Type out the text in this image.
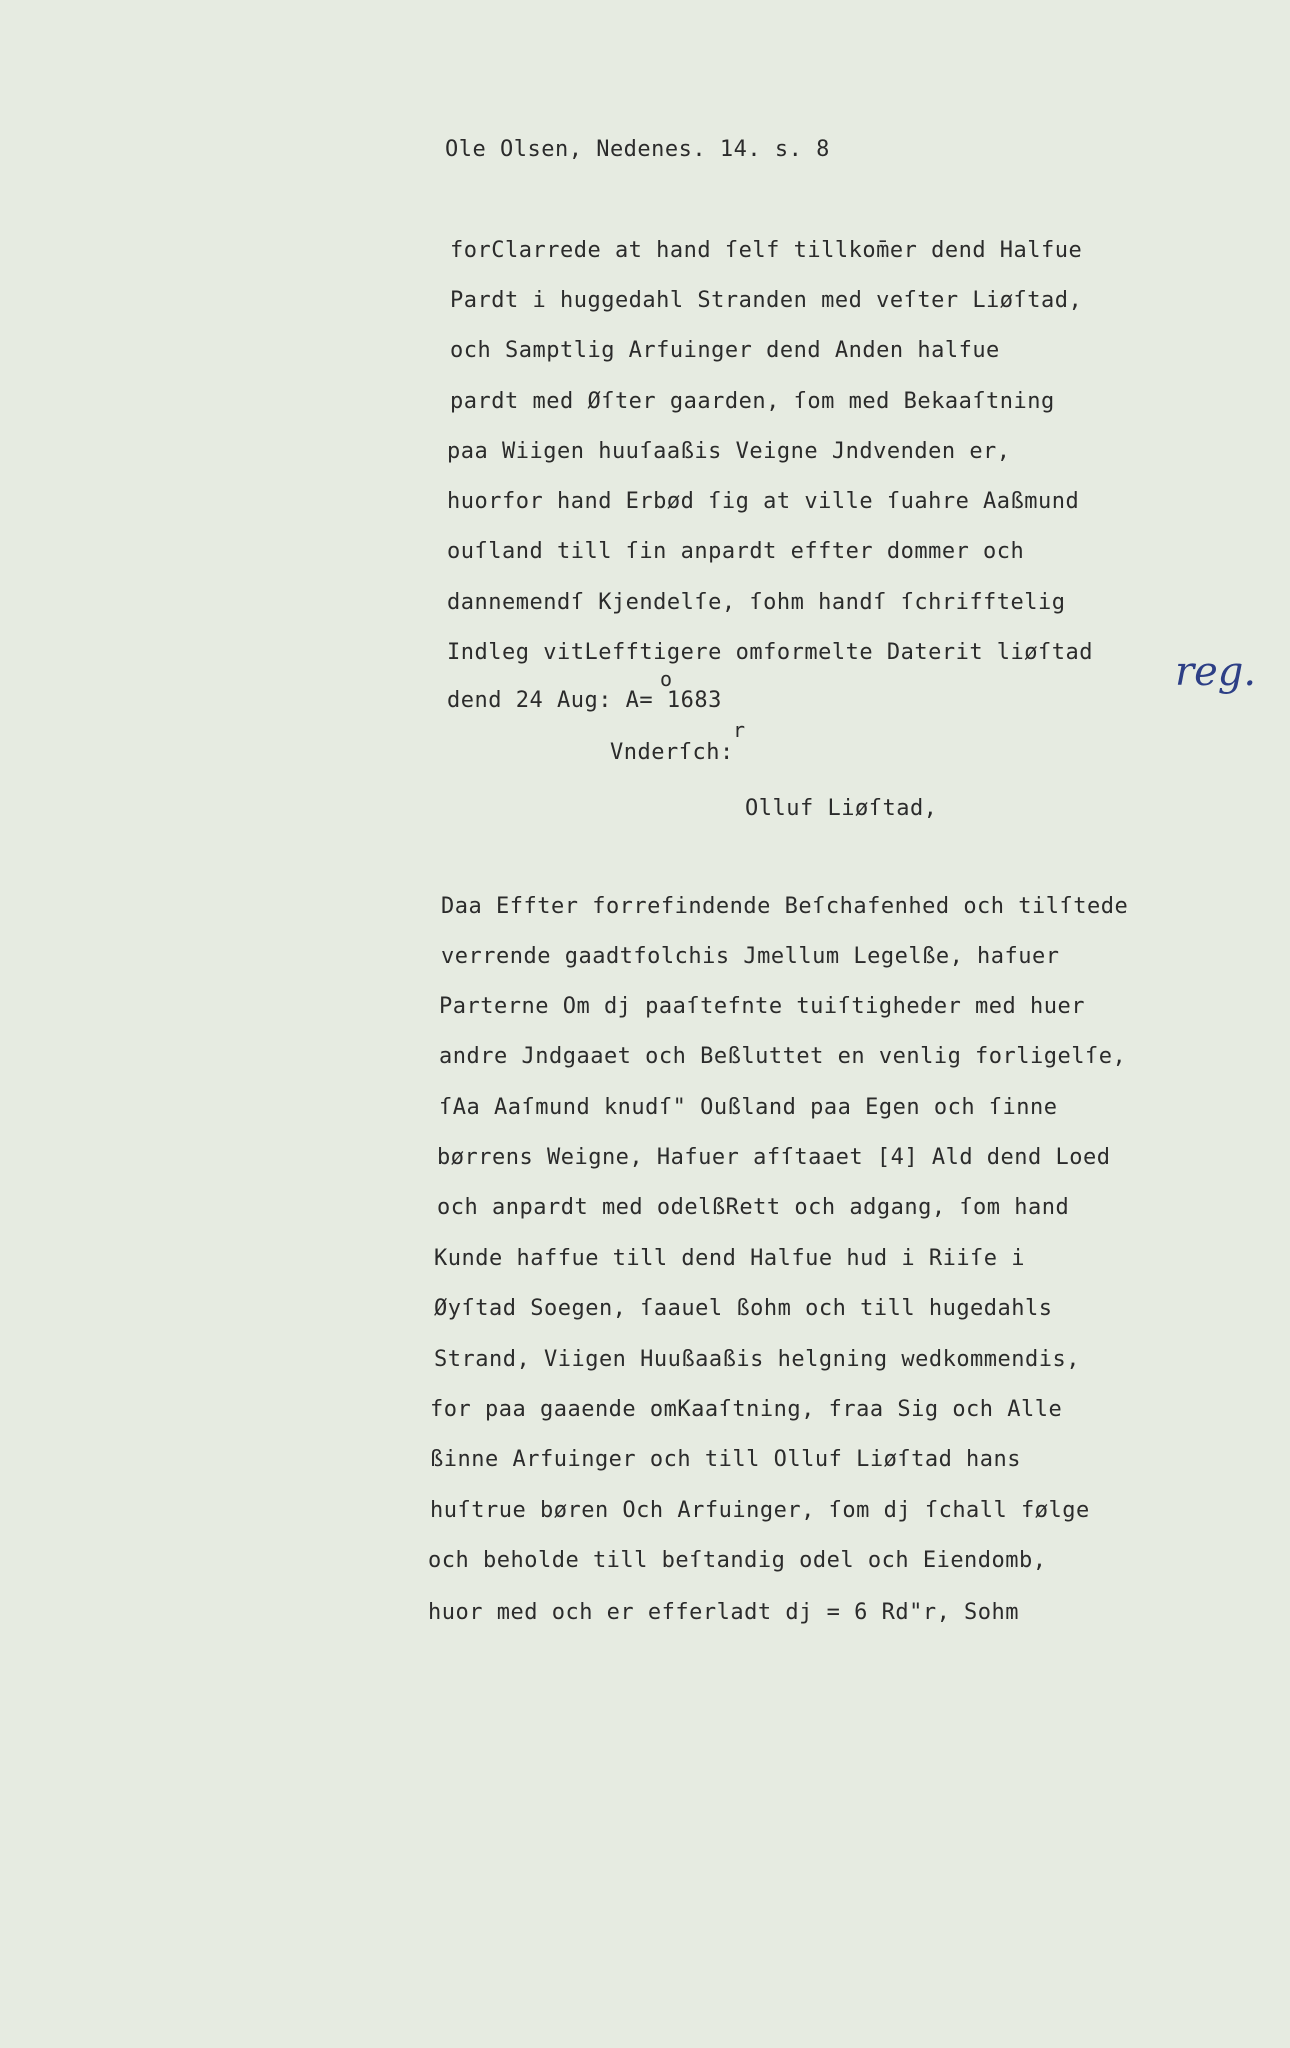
Ole Olsen, Nedenes. 14. s. 8
forClarrede at hand ſelf tillkom̄er dend Halfue
Pardt i huggedahl Stranden med veſter Liøſtad,
och Samptlig Arfuinger dend Anden halfue
pardt med Øſter gaarden, ſom med Bekaaſtning
paa Wiigen huuſaaßis Veigne Jndvenden er,
huorfor hand Erbød ſig at ville ſuahre Aaßmund
ouſland till ſin anpardt effter dommer och
dannemendſ Kjendelſe, ſohm handſ ſchrifftelig
Indleg vitLefftigere omformelte Daterit liøſtad
o
dend 24 Aug: A= 1683
r
reg.
Vnderſch:
Olluf Liøſtad,
Daa Effter forrefindende Beſchafenhed och tilſtede
verrende gaadtfolchis Jmellum Legelße, hafuer
Parterne Om dj paaſtefnte tuiſtigheder med huer
andre Jndgaaet och Beßluttet en venlig forligelſe,
ſAa Aaſmund knudſ" Oußland paa Egen och ſinne
børrens Weigne, Hafuer afſtaaet [4] Ald dend Loed
och anpardt med odelßRett och adgang, ſom hand
Kunde haffue till dend Halfue hud i Riiſe i
Øyſtad Soegen, ſaauel ßohm och till hugedahls
Strand, Viigen Huußaaßis helgning wedkommendis,
for paa gaaende omKaaſtning, fraa Sig och Alle
ßinne Arfuinger och till Olluf Liøſtad hans
huſtrue børen Och Arfuinger, ſom dj ſchall følge
och beholde till beſtandig odel och Eiendomb,
huor med och er efferladt dj = 6 Rd"r, Sohm
